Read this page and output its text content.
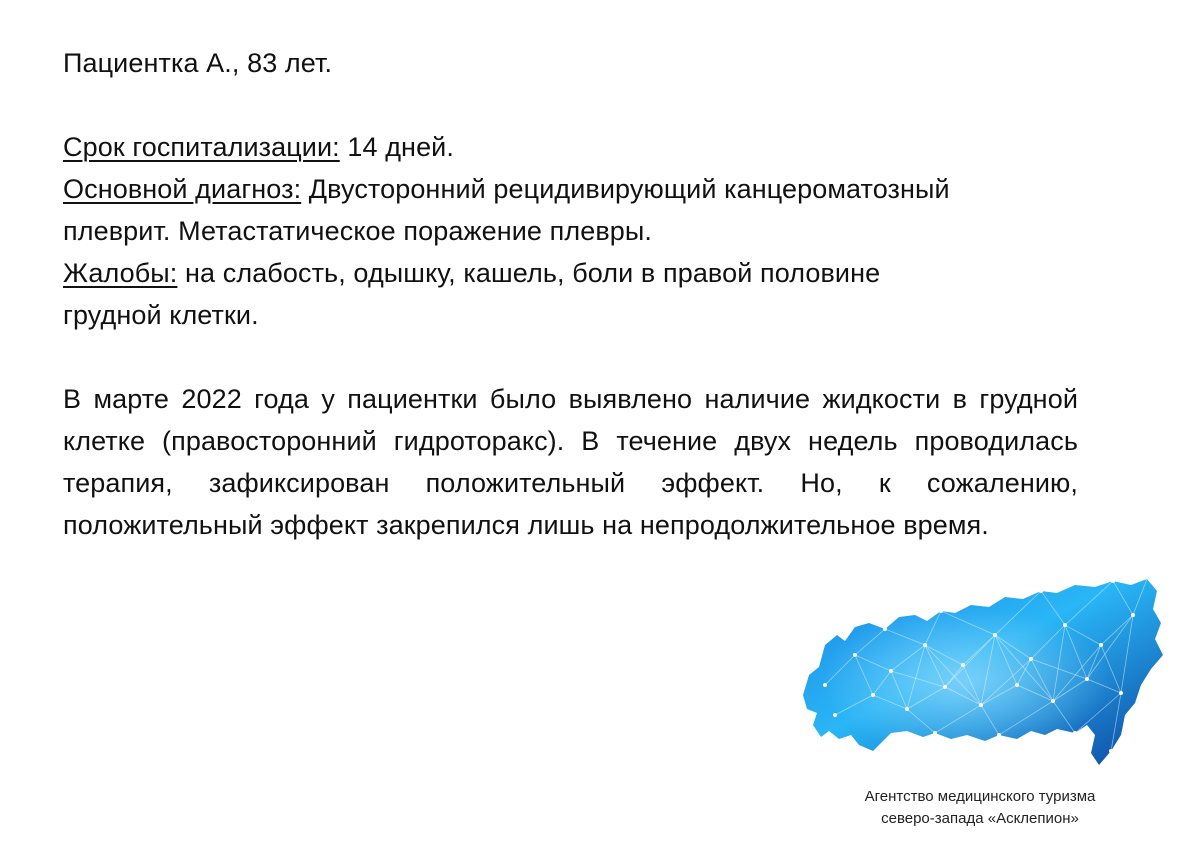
Пациентка А., 83 лет.

Срок госпитализации: 14 дней.

Основной диагноз: Двусторонний рецидивирующий канцероматозный плеврит. Метастатическое поражение плевры.

Жалобы: на слабость, одышку, кашель, боли в правой половине грудной клетки.

В марте 2022 года у пациентки было выявлено наличие жидкости в грудной клетке (правосторонний гидроторакс). В течение двух недель проводилась терапия, зафиксирован положительный эффект. Но, к сожалению, положительный эффект закрепился лишь на непродолжительное время.

Агентство медицинского туризма
северо-запада «Асклепион»
